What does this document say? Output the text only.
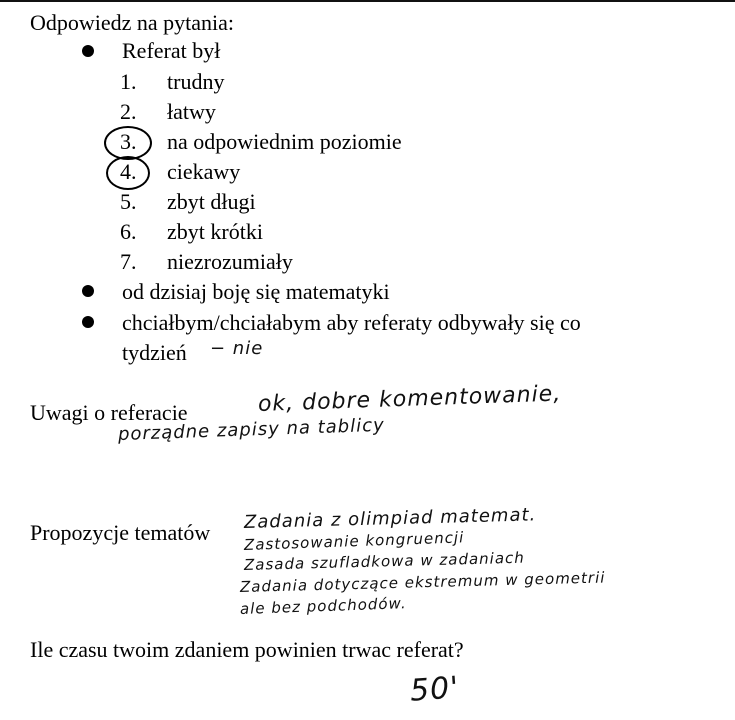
Odpowiedz na pytania:
Referat był
1. trudny
2. łatwy
3. na odpowiednim poziomie
4. ciekawy
5. zbyt długi
6. zbyt krótki
7. niezrozumiały
od dzisiaj boję się matematyki
chciałbym/chciałabym aby referaty odbywały się co
tydzień − nie
Uwagi o referacie	ok, dobre komentowanie,
porządne zapisy na tablicy
Propozycje tematów Zadania z olimpiad matemat.
Zastosowanie kongruencji
Zasada szufladkowa w zadaniach
Zadania dotyczące ekstremum w geometrii
ale bez podchodów.
Ile czasu twoim zdaniem powinien trwac referat?
50'
